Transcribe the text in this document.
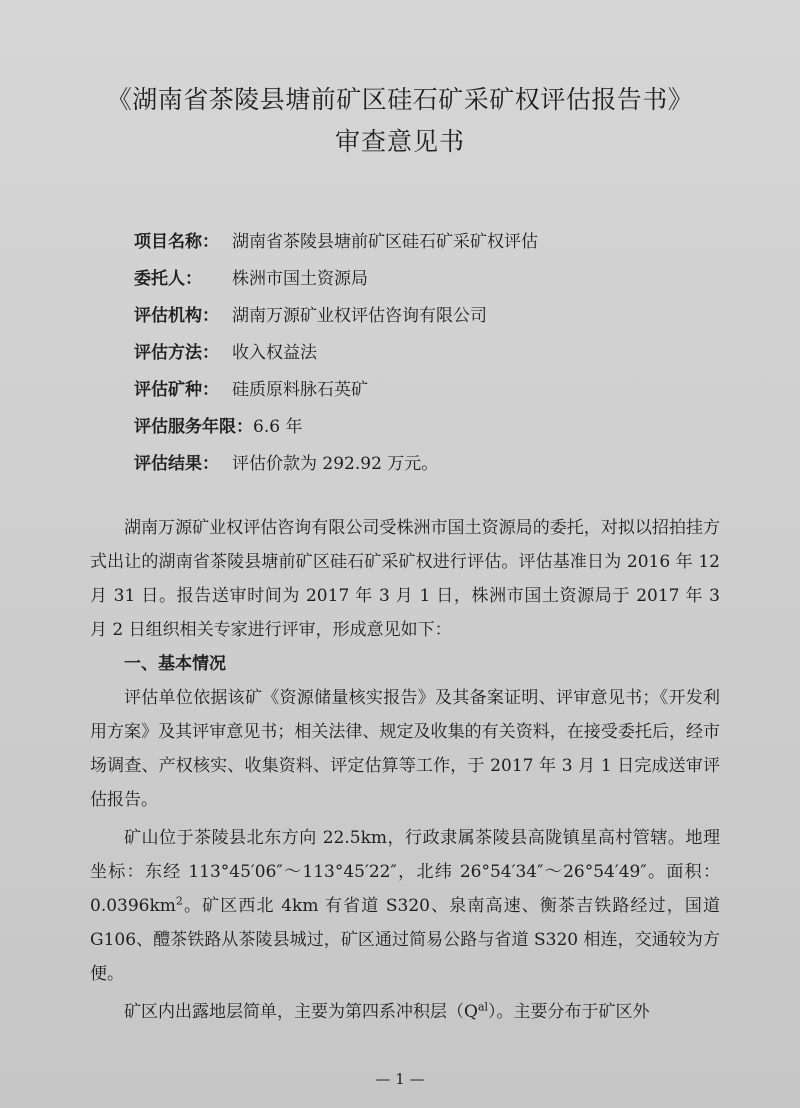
《湖南省茶陵县塘前矿区硅石矿采矿权评估报告书》
审查意见书
项目名称： 湖南省茶陵县塘前矿区硅石矿采矿权评估
委托人： 株洲市国土资源局
评估机构： 湖南万源矿业权评估咨询有限公司
评估方法： 收入权益法
评估矿种： 硅质原料脉石英矿
评估服务年限：6.6 年
评估结果： 评估价款为 292.92 万元。

湖南万源矿业权评估咨询有限公司受株洲市国土资源局的委托，对拟以招拍挂方式出让的湖南省茶陵县塘前矿区硅石矿采矿权进行评估。评估基准日为 2016 年 12 月 31 日。报告送审时间为 2017 年 3 月 1 日，株洲市国土资源局于 2017 年 3 月 2 日组织相关专家进行评审，形成意见如下：

一、基本情况

评估单位依据该矿《资源储量核实报告》及其备案证明、评审意见书；《开发利用方案》及其评审意见书；相关法律、规定及收集的有关资料，在接受委托后，经市场调查、产权核实、收集资料、评定估算等工作，于 2017 年 3 月 1 日完成送审评估报告。

矿山位于茶陵县北东方向 22.5km，行政隶属茶陵县高陇镇星高村管辖。地理坐标：东经 113°45′06″～113°45′22″，北纬 26°54′34″～26°54′49″。面积：$0.0396km^2$。矿区西北 4km 有省道 S320、泉南高速、衡茶吉铁路经过，国道 G106、醴茶铁路从茶陵县城过，矿区通过简易公路与省道 S320 相连，交通较为方便。

矿区内出露地层简单，主要为第四系冲积层$(Q^{al})$。主要分布于矿区外

— 1 —
